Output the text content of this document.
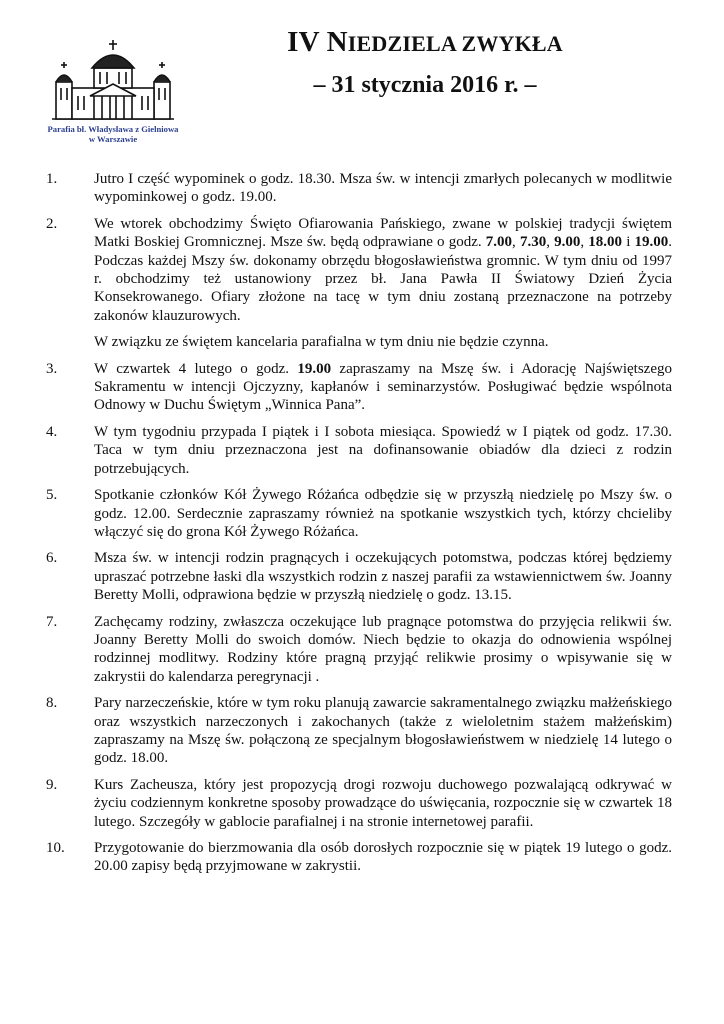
Parafia bł. Władysława z Gielniowa
w Warszawie
IV NIEDZIELA ZWYKŁA
– 31 stycznia 2016 r. –
1.	Jutro I część wypominek o godz. 18.30. Msza św. w intencji zmarłych polecanych w modlitwie wypominkowej o godz. 19.00.

2.	We wtorek obchodzimy Święto Ofiarowania Pańskiego, zwane w polskiej tradycji świętem Matki Boskiej Gromnicznej. Msze św. będą odprawiane o godz. 7.00, 7.30, 9.00, 18.00 i 19.00. Podczas każdej Mszy św. dokonamy obrzędu błogosławieństwa gromnic. W tym dniu od 1997 r. obchodzimy też ustanowiony przez bł. Jana Pawła II Światowy Dzień Życia Konsekrowanego. Ofiary złożone na tacę w tym dniu zostaną przeznaczone na potrzeby zakonów klauzurowych.

W związku ze świętem kancelaria parafialna w tym dniu nie będzie czynna.

3.	W czwartek 4 lutego o godz. 19.00 zapraszamy na Mszę św. i Adorację Najświętszego Sakramentu w intencji Ojczyzny, kapłanów i seminarzystów. Posługiwać będzie wspólnota Odnowy w Duchu Świętym „Winnica Pana”.

4.	W tym tygodniu przypada I piątek i I sobota miesiąca. Spowiedź w I piątek od godz. 17.30. Taca w tym dniu przeznaczona jest na dofinansowanie obiadów dla dzieci z rodzin potrzebujących.

5.	Spotkanie członków Kół Żywego Różańca odbędzie się w przyszłą niedzielę po Mszy św. o godz. 12.00. Serdecznie zapraszamy również na spotkanie wszystkich tych, którzy chcieliby włączyć się do grona Kół Żywego Różańca.

6.	Msza św. w intencji rodzin pragnących i oczekujących potomstwa, podczas której będziemy upraszać potrzebne łaski dla wszystkich rodzin z naszej parafii za wstawiennictwem św. Joanny Beretty Molli, odprawiona będzie w przyszłą niedzielę o godz. 13.15.

7.	Zachęcamy rodziny, zwłaszcza oczekujące lub pragnące potomstwa do przyjęcia relikwii św. Joanny Beretty Molli do swoich domów. Niech będzie to okazja do odnowienia wspólnej rodzinnej modlitwy. Rodziny które pragną przyjąć relikwie prosimy o wpisywanie się w zakrystii do kalendarza peregrynacji .

8.	Pary narzeczeńskie, które w tym roku planują zawarcie sakramentalnego związku małżeńskiego oraz wszystkich narzeczonych i zakochanych (także z wieloletnim stażem małżeńskim) zapraszamy na Mszę św. połączoną ze specjalnym błogosławieństwem w niedzielę 14 lutego o godz. 18.00.

9.	Kurs Zacheusza, który jest propozycją drogi rozwoju duchowego pozwalającą odkrywać w życiu codziennym konkretne sposoby prowadzące do uświęcania, rozpocznie się w czwartek 18 lutego. Szczegóły w gablocie parafialnej i na stronie internetowej parafii.

10.	Przygotowanie do bierzmowania dla osób dorosłych rozpocznie się w piątek 19 lutego o godz. 20.00 zapisy będą przyjmowane w zakrystii.
